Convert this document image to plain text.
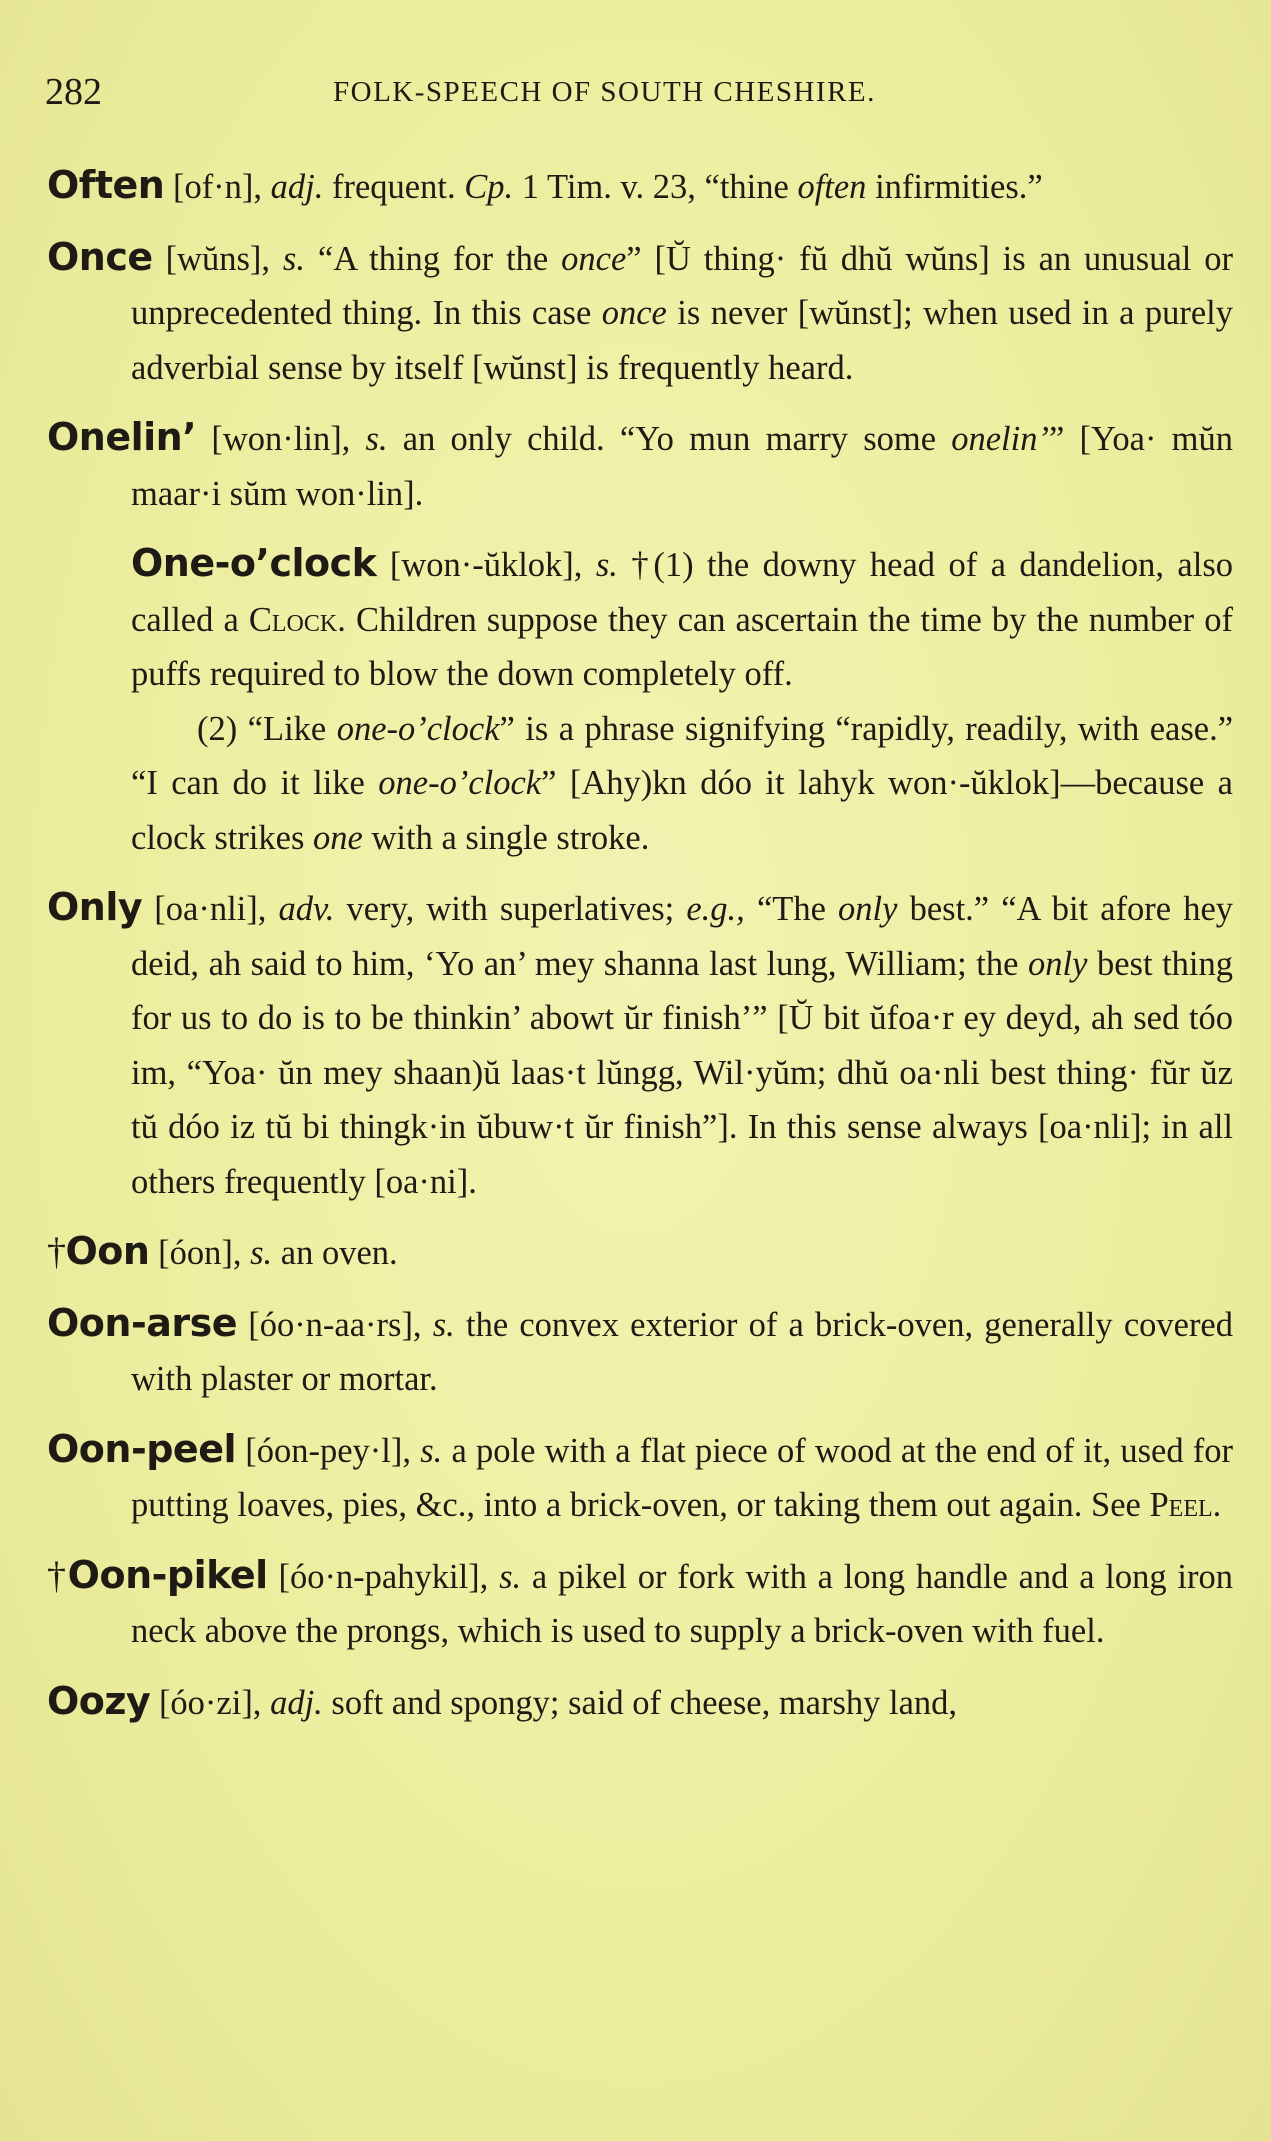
282	FOLK-SPEECH OF SOUTH CHESHIRE.

Often [of·n], adj. frequent. Cp. 1 Tim. v. 23, “thine often infirmities.”

Once [wŭns], s. “A thing for the once” [Ŭ thing· fŭ dhŭ wŭns] is an unusual or unprecedented thing. In this case once is never [wŭnst]; when used in a purely adverbial sense by itself [wŭnst] is frequently heard.

Onelin’ [won·lin], s. an only child. “Yo mun marry some onelin’” [Yoa· mŭn maar·i sŭm won·lin].

One-o’clock [won·-ŭklok], s. †(1) the downy head of a dandelion, also called a Clock. Children suppose they can ascertain the time by the number of puffs required to blow the down completely off.

(2) “Like one-o’clock” is a phrase signifying “rapidly, readily, with ease.” “I can do it like one-o’clock” [Ahy)kn dóo it lahyk won·-ŭklok]—because a clock strikes one with a single stroke.

Only [oa·nli], adv. very, with superlatives; e.g., “The only best.” “A bit afore hey deid, ah said to him, ‘Yo an’ mey shanna last lung, William; the only best thing for us to do is to be thinkin’ abowt ŭr finish’” [Ŭ bit ŭfoa·r ey deyd, ah sed tóo im, “Yoa· ŭn mey shaan)ŭ laas·t lŭngg, Wil·yŭm; dhŭ oa·nli best thing· fŭr ŭz tŭ dóo iz tŭ bi thingk·in ŭbuw·t ŭr finish”]. In this sense always [oa·nli]; in all others frequently [oa·ni].

†Oon [óon], s. an oven.

Oon-arse [óo·n-aa·rs], s. the convex exterior of a brick-oven, generally covered with plaster or mortar.

Oon-peel [óon-pey·l], s. a pole with a flat piece of wood at the end of it, used for putting loaves, pies, &c., into a brick-oven, or taking them out again. See Peel.

†Oon-pikel [óo·n-pahykil], s. a pikel or fork with a long handle and a long iron neck above the prongs, which is used to supply a brick-oven with fuel.

Oozy [óo·zi], adj. soft and spongy; said of cheese, marshy land,
